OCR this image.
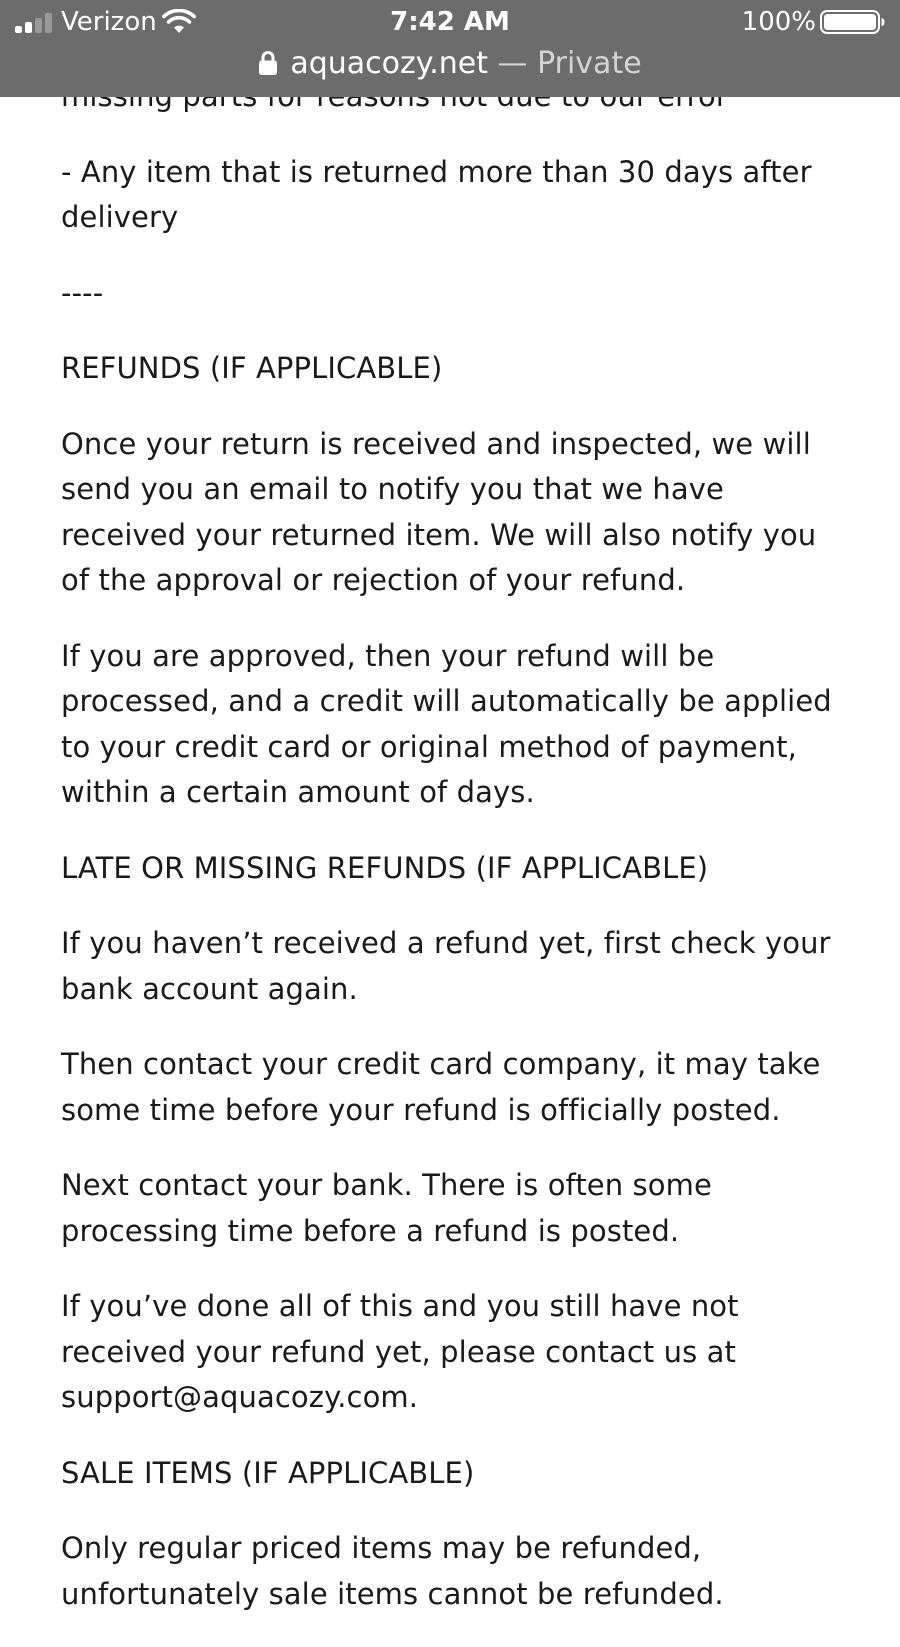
Verizon	7:42 AM	100%
aquacozy.net — Private

- Any item that is returned more than 30 days after delivery

----

REFUNDS (IF APPLICABLE)

Once your return is received and inspected, we will send you an email to notify you that we have received your returned item. We will also notify you of the approval or rejection of your refund.

If you are approved, then your refund will be processed, and a credit will automatically be applied to your credit card or original method of payment, within a certain amount of days.

LATE OR MISSING REFUNDS (IF APPLICABLE)

If you haven’t received a refund yet, first check your bank account again.

Then contact your credit card company, it may take some time before your refund is officially posted.

Next contact your bank. There is often some processing time before a refund is posted.

If you’ve done all of this and you still have not received your refund yet, please contact us at support@aquacozy.com.

SALE ITEMS (IF APPLICABLE)

Only regular priced items may be refunded, unfortunately sale items cannot be refunded.
